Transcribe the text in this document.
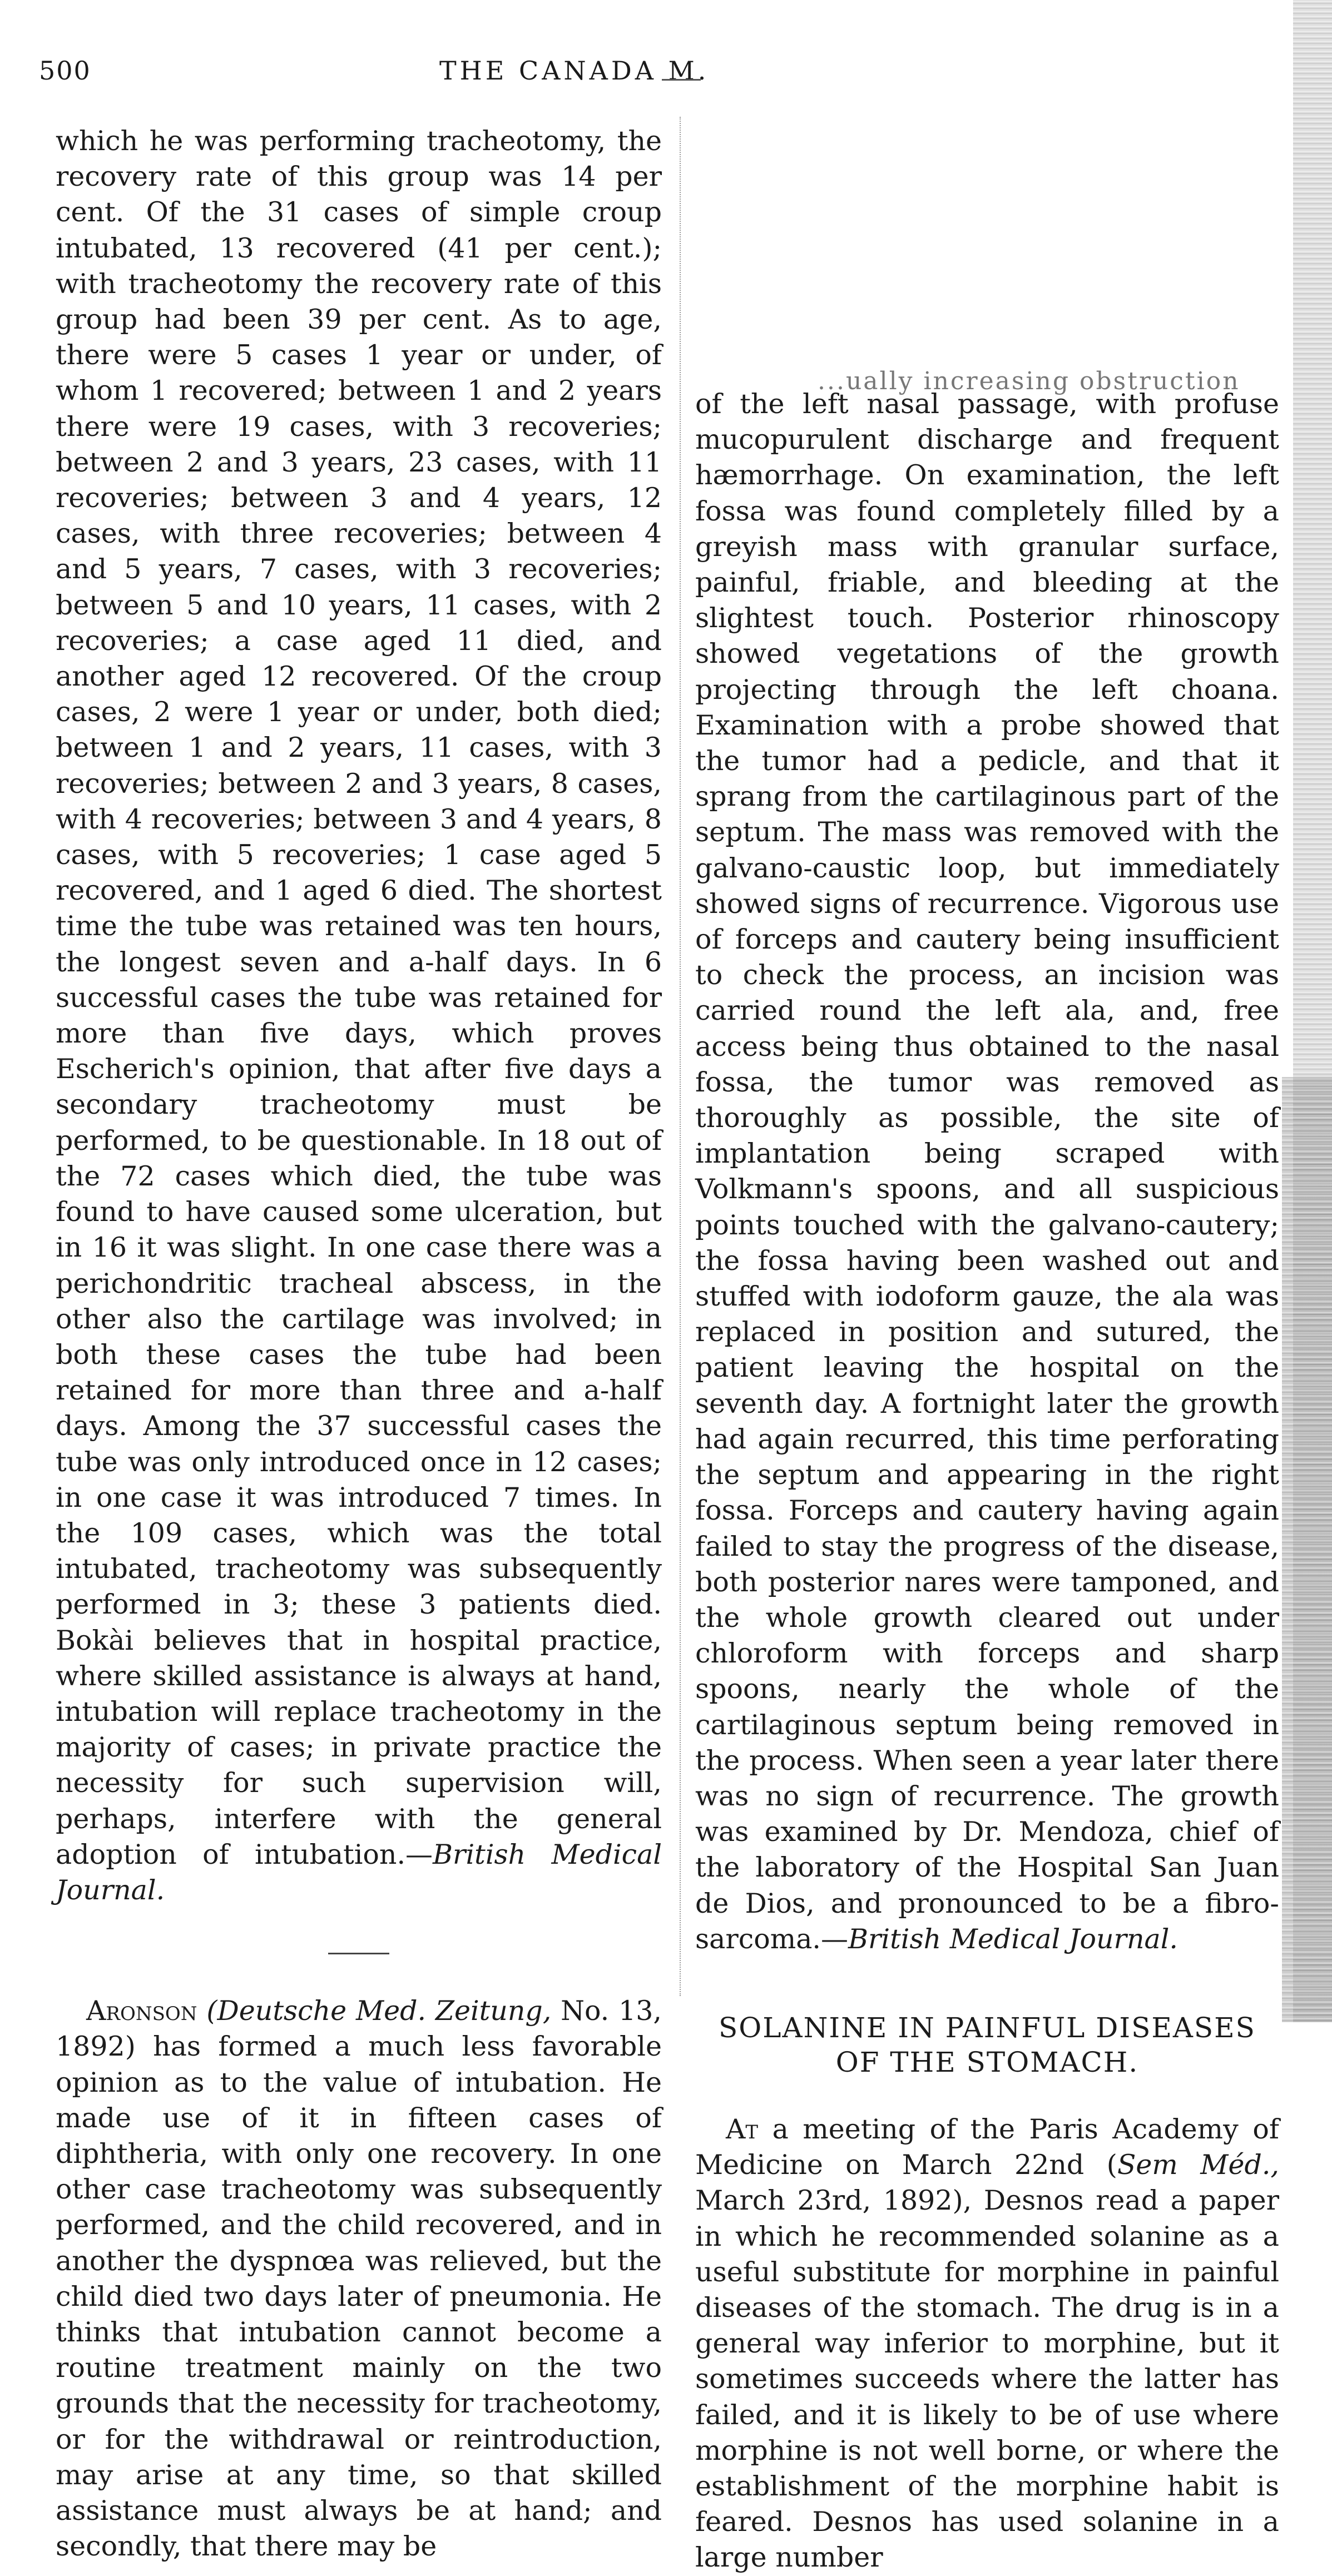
500	THE CANADA M.

which he was performing tracheotomy, the recovery rate of this group was 14 per cent. Of the 31 cases of simple croup intubated, 13 recovered (41 per cent.); with tracheotomy the recovery rate of this group had been 39 per cent. As to age, there were 5 cases 1 year or under, of whom 1 recovered; between 1 and 2 years there were 19 cases, with 3 recoveries; between 2 and 3 years, 23 cases, with 11 recoveries; between 3 and 4 years, 12 cases, with three recoveries; between 4 and 5 years, 7 cases, with 3 recoveries; between 5 and 10 years, 11 cases, with 2 recoveries; a case aged 11 died, and another aged 12 recovered. Of the croup cases, 2 were 1 year or under, both died; between 1 and 2 years, 11 cases, with 3 recoveries; between 2 and 3 years, 8 cases, with 4 recoveries; between 3 and 4 years, 8 cases, with 5 recoveries; 1 case aged 5 recovered, and 1 aged 6 died. The shortest time the tube was retained was ten hours, the longest seven and a-half days. In 6 successful cases the tube was retained for more than five days, which proves Escherich's opinion, that after five days a secondary tracheotomy must be performed, to be questionable. In 18 out of the 72 cases which died, the tube was found to have caused some ulceration, but in 16 it was slight. In one case there was a perichondritic tracheal abscess, in the other also the cartilage was involved; in both these cases the tube had been retained for more than three and a-half days. Among the 37 successful cases the tube was only introduced once in 12 cases; in one case it was introduced 7 times. In the 109 cases, which was the total intubated, tracheotomy was subsequently performed in 3; these 3 patients died. Bokài believes that in hospital practice, where skilled assistance is always at hand, intubation will replace tracheotomy in the majority of cases; in private practice the necessity for such supervision will, perhaps, interfere with the general adoption of intubation.—British Medical Journal.

Aronson (Deutsche Med. Zeitung, No. 13, 1892) has formed a much less favorable opinion as to the value of intubation. He made use of it in fifteen cases of diphtheria, with only one recovery. In one other case tracheotomy was subsequently performed, and the child recovered, and in another the dyspnœa was relieved, but the child died two days later of pneumonia. He thinks that intubation cannot become a routine treatment mainly on the two grounds that the necessity for tracheotomy, or for the withdrawal or reintroduction, may arise at any time, so that skilled assistance must always be at hand; and secondly, that there may be

...ually increasing obstruction

of the left nasal passage, with profuse mucopurulent discharge and frequent hæmorrhage. On examination, the left fossa was found completely filled by a greyish mass with granular surface, painful, friable, and bleeding at the slightest touch. Posterior rhinoscopy showed vegetations of the growth projecting through the left choana. Examination with a probe showed that the tumor had a pedicle, and that it sprang from the cartilaginous part of the septum. The mass was removed with the galvano-caustic loop, but immediately showed signs of recurrence. Vigorous use of forceps and cautery being insufficient to check the process, an incision was carried round the left ala, and, free access being thus obtained to the nasal fossa, the tumor was removed as thoroughly as possible, the site of implantation being scraped with Volkmann's spoons, and all suspicious points touched with the galvano-cautery; the fossa having been washed out and stuffed with iodoform gauze, the ala was replaced in position and sutured, the patient leaving the hospital on the seventh day. A fortnight later the growth had again recurred, this time perforating the septum and appearing in the right fossa. Forceps and cautery having again failed to stay the progress of the disease, both posterior nares were tamponed, and the whole growth cleared out under chloroform with forceps and sharp spoons, nearly the whole of the cartilaginous septum being removed in the process. When seen a year later there was no sign of recurrence. The growth was examined by Dr. Mendoza, chief of the laboratory of the Hospital San Juan de Dios, and pronounced to be a fibro-sarcoma.—British Medical Journal.

SOLANINE IN PAINFUL DISEASES OF THE STOMACH.

At a meeting of the Paris Academy of Medicine on March 22nd (Sem Méd., March 23rd, 1892), Desnos read a paper in which he recommended solanine as a useful substitute for morphine in painful diseases of the stomach. The drug is in a general way inferior to morphine, but it sometimes succeeds where the latter has failed, and it is likely to be of use where morphine is not well borne, or where the establishment of the morphine habit is feared. Desnos has used solanine in a large number
